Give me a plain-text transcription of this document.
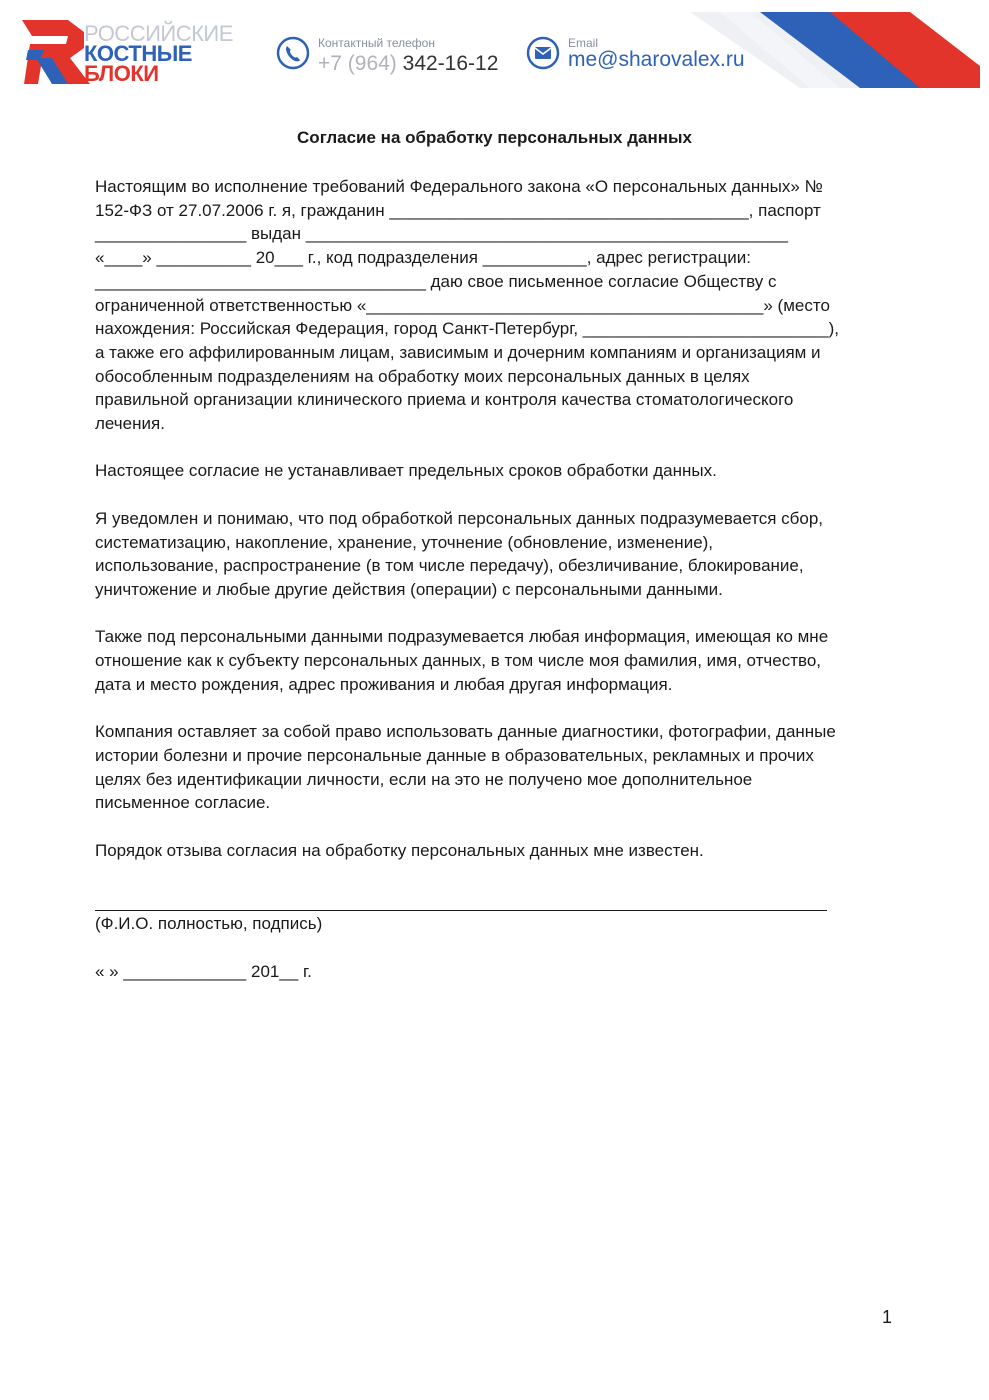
РОССИЙСКИЕ
КОСТНЫЕ
БЛОКИ
Контактный телефон
+7 (964) 342-16-12
Email
me@sharovalex.ru
Согласие на обработку персональных данных

Настоящим во исполнение требований Федерального закона «О персональных данных» №
152-ФЗ от 27.07.2006 г. я, гражданин ______________________________________, паспорт
________________ выдан ___________________________________________________
«____» __________ 20___ г., код подразделения ___________, адрес регистрации:
___________________________________ даю свое письменное согласие Обществу с
ограниченной ответственностью «__________________________________________» (место
нахождения: Российская Федерация, город Санкт-Петербург, __________________________),
а также его аффилированным лицам, зависимым и дочерним компаниям и организациям и
обособленным подразделениям на обработку моих персональных данных в целях
правильной организации клинического приема и контроля качества стоматологического
лечения.

Настоящее согласие не устанавливает предельных сроков обработки данных.

Я уведомлен и понимаю, что под обработкой персональных данных подразумевается сбор,
систематизацию, накопление, хранение, уточнение (обновление, изменение),
использование, распространение (в том числе передачу), обезличивание, блокирование,
уничтожение и любые другие действия (операции) с персональными данными.

Также под персональными данными подразумевается любая информация, имеющая ко мне
отношение как к субъекту персональных данных, в том числе моя фамилия, имя, отчество,
дата и место рождения, адрес проживания и любая другая информация.

Компания оставляет за собой право использовать данные диагностики, фотографии, данные
истории болезни и прочие персональные данные в образовательных, рекламных и прочих
целях без идентификации личности, если на это не получено мое дополнительное
письменное согласие.

Порядок отзыва согласия на обработку персональных данных мне известен.

(Ф.И.О. полностью, подпись)
« » _____________ 201__ г.
1
